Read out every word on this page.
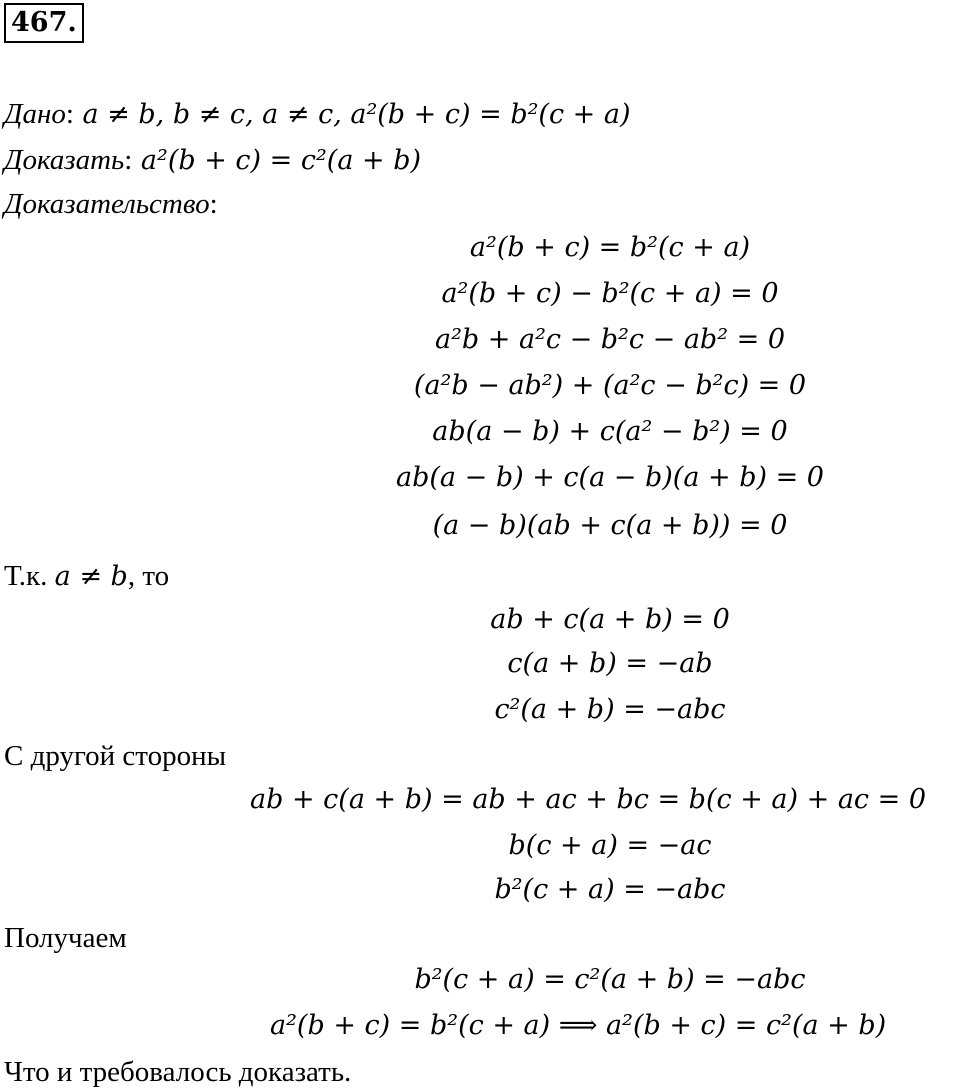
467.
Дано: a ≠ b, b ≠ c, a ≠ c, a²(b + c) = b²(c + a)
Доказать: a²(b + c) = c²(a + b)
Доказательство:
a²(b + c) = b²(c + a)
a²(b + c) − b²(c + a) = 0
a²b + a²c − b²c − ab² = 0
(a²b − ab²) + (a²c − b²c) = 0
ab(a − b) + c(a² − b²) = 0
ab(a − b) + c(a − b)(a + b) = 0
(a − b)(ab + c(a + b)) = 0
Т.к. a ≠ b, то
ab + c(a + b) = 0
c(a + b) = −ab
c²(a + b) = −abc
С другой стороны
ab + c(a + b) = ab + ac + bc = b(c + a) + ac = 0
b(c + a) = −ac
b²(c + a) = −abc
Получаем
b²(c + a) = c²(a + b) = −abc
a²(b + c) = b²(c + a) ⟹ a²(b + c) = c²(a + b)
Что и требовалось доказать.
